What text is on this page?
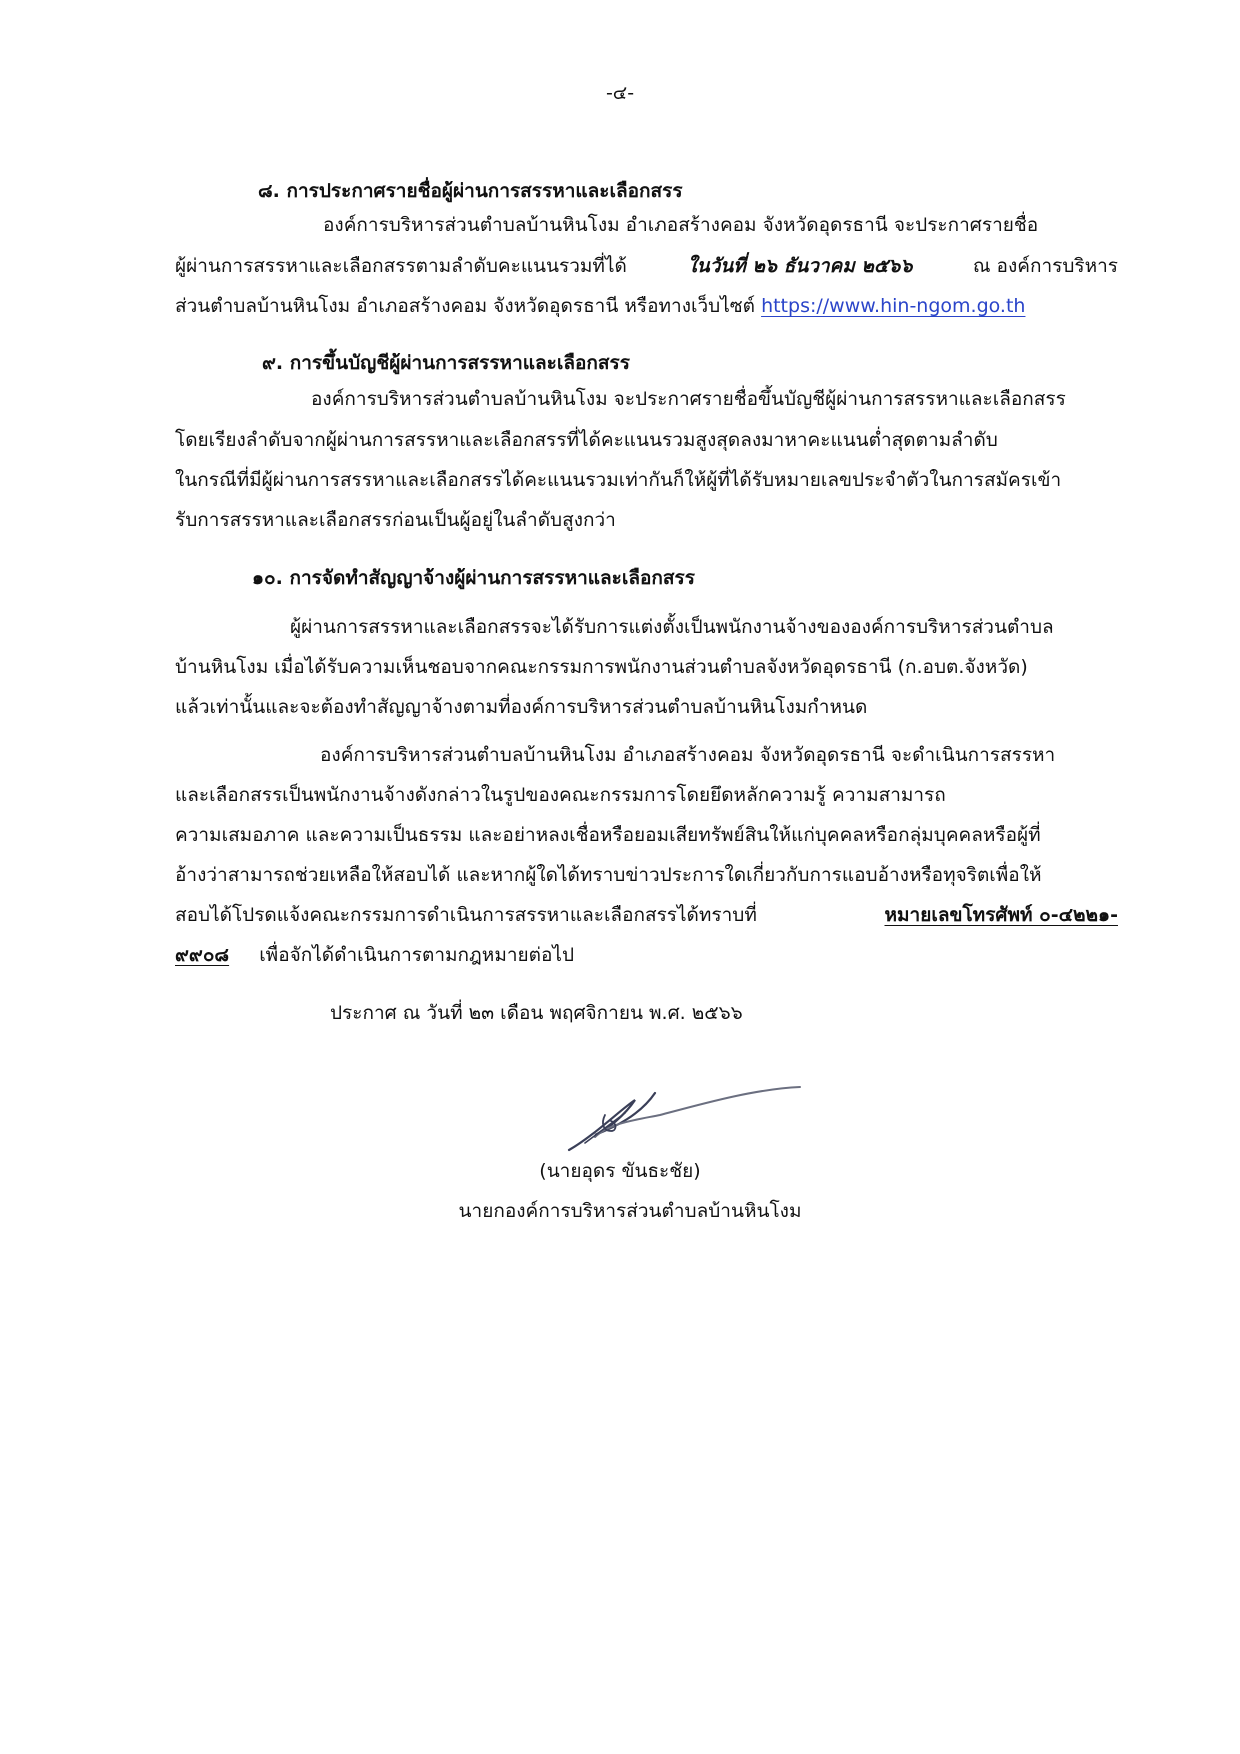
-๔-
๘. การประกาศรายชื่อผู้ผ่านการสรรหาและเลือกสรร
องค์การบริหารส่วนตำบลบ้านหินโงม อำเภอสร้างคอม จังหวัดอุดรธานี จะประกาศรายชื่อ
ผู้ผ่านการสรรหาและเลือกสรรตามลำดับคะแนนรวมที่ได้	ในวันที่ ๒๖ ธันวาคม ๒๕๖๖	ณ องค์การบริหาร
ส่วนตำบลบ้านหินโงม อำเภอสร้างคอม จังหวัดอุดรธานี หรือทางเว็บไซต์ https://www.hin-ngom.go.th
๙. การขึ้นบัญชีผู้ผ่านการสรรหาและเลือกสรร
องค์การบริหารส่วนตำบลบ้านหินโงม จะประกาศรายชื่อขึ้นบัญชีผู้ผ่านการสรรหาและเลือกสรร
โดยเรียงลำดับจากผู้ผ่านการสรรหาและเลือกสรรที่ได้คะแนนรวมสูงสุดลงมาหาคะแนนต่ำสุดตามลำดับ
ในกรณีที่มีผู้ผ่านการสรรหาและเลือกสรรได้คะแนนรวมเท่ากันก็ให้ผู้ที่ได้รับหมายเลขประจำตัวในการสมัครเข้า
รับการสรรหาและเลือกสรรก่อนเป็นผู้อยู่ในลำดับสูงกว่า
๑๐. การจัดทำสัญญาจ้างผู้ผ่านการสรรหาและเลือกสรร
ผู้ผ่านการสรรหาและเลือกสรรจะได้รับการแต่งตั้งเป็นพนักงานจ้างขององค์การบริหารส่วนตำบล
บ้านหินโงม เมื่อได้รับความเห็นชอบจากคณะกรรมการพนักงานส่วนตำบลจังหวัดอุดรธานี (ก.อบต.จังหวัด)
แล้วเท่านั้นและจะต้องทำสัญญาจ้างตามที่องค์การบริหารส่วนตำบลบ้านหินโงมกำหนด
องค์การบริหารส่วนตำบลบ้านหินโงม อำเภอสร้างคอม จังหวัดอุดรธานี จะดำเนินการสรรหา
และเลือกสรรเป็นพนักงานจ้างดังกล่าวในรูปของคณะกรรมการโดยยึดหลักความรู้ ความสามารถ
ความเสมอภาค และความเป็นธรรม และอย่าหลงเชื่อหรือยอมเสียทรัพย์สินให้แก่บุคคลหรือกลุ่มบุคคลหรือผู้ที่
อ้างว่าสามารถช่วยเหลือให้สอบได้ และหากผู้ใดได้ทราบข่าวประการใดเกี่ยวกับการแอบอ้างหรือทุจริตเพื่อให้
สอบได้โปรดแจ้งคณะกรรมการดำเนินการสรรหาและเลือกสรรได้ทราบที่	หมายเลขโทรศัพท์ ๐-๔๒๒๑-
๙๙๐๘ เพื่อจักได้ดำเนินการตามกฎหมายต่อไป
ประกาศ ณ วันที่ ๒๓ เดือน พฤศจิกายน พ.ศ. ๒๕๖๖
(นายอุดร ขันธะชัย)
นายกองค์การบริหารส่วนตำบลบ้านหินโงม
